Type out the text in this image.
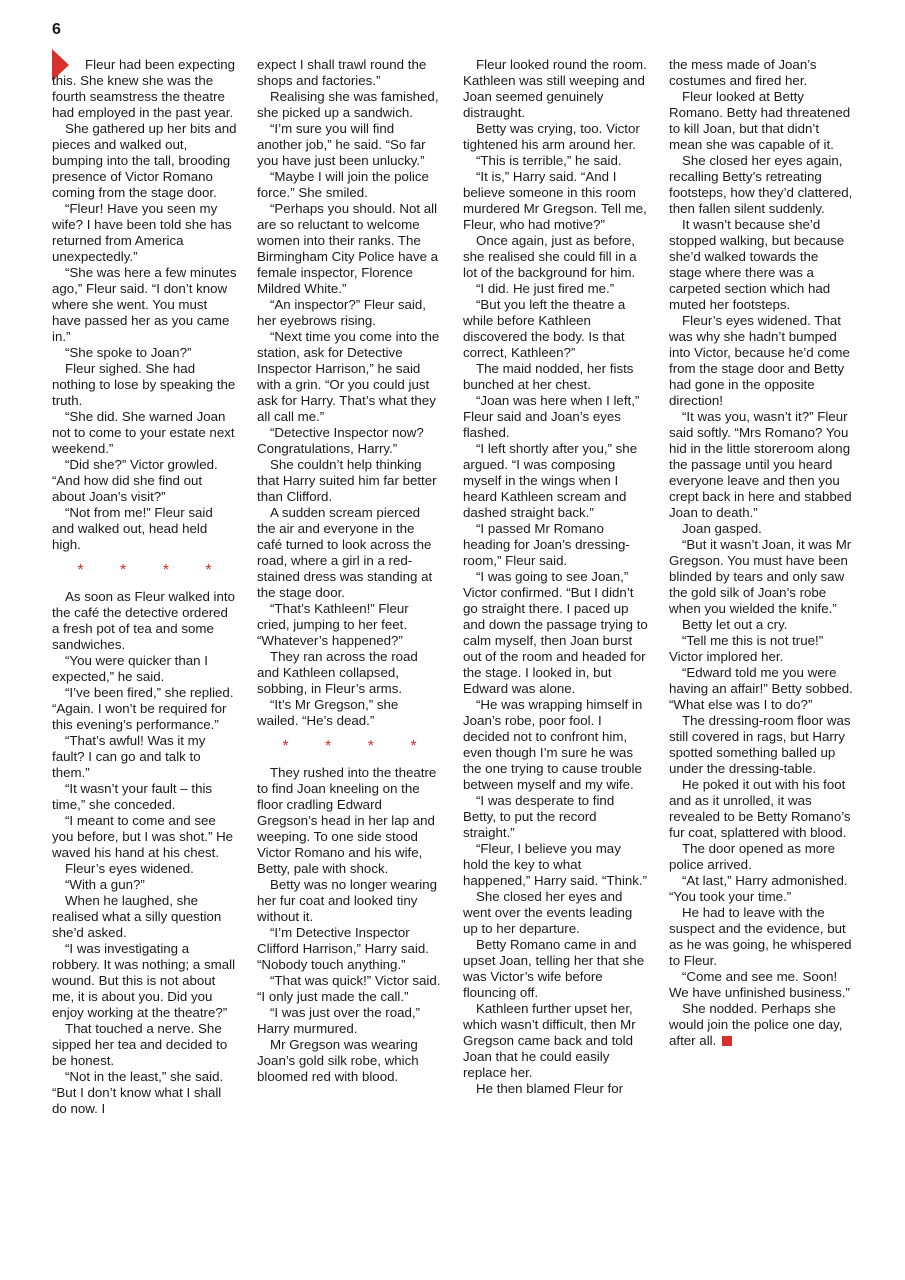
6

Fleur had been expecting this. She knew she was the fourth seamstress the theatre had employed in the past year.

She gathered up her bits and pieces and walked out, bumping into the tall, brooding presence of Victor Romano coming from the stage door.

“Fleur! Have you seen my wife? I have been told she has returned from America unexpectedly.”

“She was here a few minutes ago,” Fleur said. “I don’t know where she went. You must have passed her as you came in.”

“She spoke to Joan?”

Fleur sighed. She had nothing to lose by speaking the truth.

“She did. She warned Joan not to come to your estate next weekend.”

“Did she?” Victor growled. “And how did she find out about Joan’s visit?”

“Not from me!” Fleur said and walked out, head held high.

* * * *

As soon as Fleur walked into the café the detective ordered a fresh pot of tea and some sandwiches.

“You were quicker than I expected,” he said.

“I’ve been fired,” she replied. “Again. I won’t be required for this evening’s performance.”

“That’s awful! Was it my fault? I can go and talk to them.”

“It wasn’t your fault – this time,” she conceded.

“I meant to come and see you before, but I was shot.” He waved his hand at his chest.

Fleur’s eyes widened.

“With a gun?”

When he laughed, she realised what a silly question she’d asked.

“I was investigating a robbery. It was nothing; a small wound. But this is not about me, it is about you. Did you enjoy working at the theatre?”

That touched a nerve. She sipped her tea and decided to be honest.

“Not in the least,” she said. “But I don’t know what I shall do now. I

expect I shall trawl round the shops and factories.”

Realising she was famished, she picked up a sandwich.

“I’m sure you will find another job,” he said. “So far you have just been unlucky.”

“Maybe I will join the police force.” She smiled.

“Perhaps you should. Not all are so reluctant to welcome women into their ranks. The Birmingham City Police have a female inspector, Florence Mildred White.”

“An inspector?” Fleur said, her eyebrows rising.

“Next time you come into the station, ask for Detective Inspector Harrison,” he said with a grin. “Or you could just ask for Harry. That’s what they all call me.”

“Detective Inspector now? Congratulations, Harry.”

She couldn’t help thinking that Harry suited him far better than Clifford.

A sudden scream pierced the air and everyone in the café turned to look across the road, where a girl in a red-stained dress was standing at the stage door.

“That’s Kathleen!” Fleur cried, jumping to her feet. “Whatever’s happened?”

They ran across the road and Kathleen collapsed, sobbing, in Fleur’s arms.

“It’s Mr Gregson,” she wailed. “He’s dead.”

* * * *

They rushed into the theatre to find Joan kneeling on the floor cradling Edward Gregson’s head in her lap and weeping. To one side stood Victor Romano and his wife, Betty, pale with shock.

Betty was no longer wearing her fur coat and looked tiny without it.

“I’m Detective Inspector Clifford Harrison,” Harry said. “Nobody touch anything.”

“That was quick!” Victor said. “I only just made the call.”

“I was just over the road,” Harry murmured.

Mr Gregson was wearing Joan’s gold silk robe, which bloomed red with blood.

Fleur looked round the room. Kathleen was still weeping and Joan seemed genuinely distraught.

Betty was crying, too. Victor tightened his arm around her.

“This is terrible,” he said.

“It is,” Harry said. “And I believe someone in this room murdered Mr Gregson. Tell me, Fleur, who had motive?”

Once again, just as before, she realised she could fill in a lot of the background for him.

“I did. He just fired me.”

“But you left the theatre a while before Kathleen discovered the body. Is that correct, Kathleen?”

The maid nodded, her fists bunched at her chest.

“Joan was here when I left,” Fleur said and Joan’s eyes flashed.

“I left shortly after you,” she argued. “I was composing myself in the wings when I heard Kathleen scream and dashed straight back.”

“I passed Mr Romano heading for Joan’s dressing-room,” Fleur said.

“I was going to see Joan,” Victor confirmed. “But I didn’t go straight there. I paced up and down the passage trying to calm myself, then Joan burst out of the room and headed for the stage. I looked in, but Edward was alone.

“He was wrapping himself in Joan’s robe, poor fool. I decided not to confront him, even though I’m sure he was the one trying to cause trouble between myself and my wife.

“I was desperate to find Betty, to put the record straight.”

“Fleur, I believe you may hold the key to what happened,” Harry said. “Think.”

She closed her eyes and went over the events leading up to her departure.

Betty Romano came in and upset Joan, telling her that she was Victor’s wife before flouncing off.

Kathleen further upset her, which wasn’t difficult, then Mr Gregson came back and told Joan that he could easily replace her.

He then blamed Fleur for

the mess made of Joan’s costumes and fired her.

Fleur looked at Betty Romano. Betty had threatened to kill Joan, but that didn’t mean she was capable of it.

She closed her eyes again, recalling Betty’s retreating footsteps, how they’d clattered, then fallen silent suddenly.

It wasn’t because she’d stopped walking, but because she’d walked towards the stage where there was a carpeted section which had muted her footsteps.

Fleur’s eyes widened. That was why she hadn’t bumped into Victor, because he’d come from the stage door and Betty had gone in the opposite direction!

“It was you, wasn’t it?” Fleur said softly. “Mrs Romano? You hid in the little storeroom along the passage until you heard everyone leave and then you crept back in here and stabbed Joan to death.”

Joan gasped.

“But it wasn’t Joan, it was Mr Gregson. You must have been blinded by tears and only saw the gold silk of Joan’s robe when you wielded the knife.”

Betty let out a cry.

“Tell me this is not true!” Victor implored her.

“Edward told me you were having an affair!” Betty sobbed. “What else was I to do?”

The dressing-room floor was still covered in rags, but Harry spotted something balled up under the dressing-table.

He poked it out with his foot and as it unrolled, it was revealed to be Betty Romano’s fur coat, splattered with blood.

The door opened as more police arrived.

“At last,” Harry admonished. “You took your time.”

He had to leave with the suspect and the evidence, but as he was going, he whispered to Fleur.

“Come and see me. Soon! We have unfinished business.”

She nodded. Perhaps she would join the police one day, after all.
